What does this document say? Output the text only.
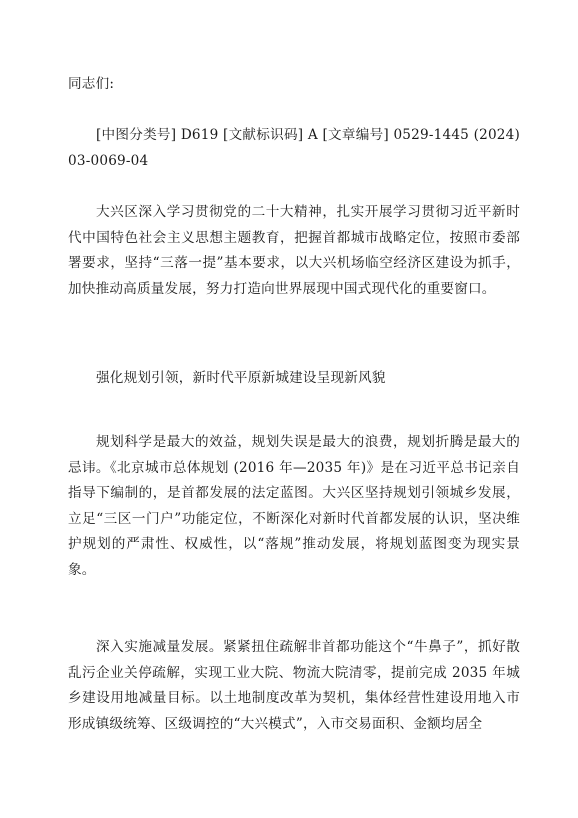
同志们:
[中图分类号] D619 [文献标识码] A [文章编号] 0529-1445 (2024) 03-0069-04
大兴区深入学习贯彻党的二十大精神，扎实开展学习贯彻习近平新时代中国特色社会主义思想主题教育，把握首都城市战略定位，按照市委部署要求，坚持“三落一提”基本要求，以大兴机场临空经济区建设为抓手，加快推动高质量发展，努力打造向世界展现中国式现代化的重要窗口。
强化规划引领，新时代平原新城建设呈现新风貌
规划科学是最大的效益，规划失误是最大的浪费，规划折腾是最大的忌讳。《北京城市总体规划 (2016 年—2035 年)》是在习近平总书记亲自指导下编制的，是首都发展的法定蓝图。大兴区坚持规划引领城乡发展，立足“三区一门户”功能定位，不断深化对新时代首都发展的认识，坚决维护规划的严肃性、权威性，以“落规”推动发展，将规划蓝图变为现实景象。
深入实施减量发展。紧紧扭住疏解非首都功能这个“牛鼻子”，抓好散乱污企业关停疏解，实现工业大院、物流大院清零，提前完成 2035 年城乡建设用地减量目标。以土地制度改革为契机，集体经营性建设用地入市形成镇级统筹、区级调控的“大兴模式”，入市交易面积、金额均居全
